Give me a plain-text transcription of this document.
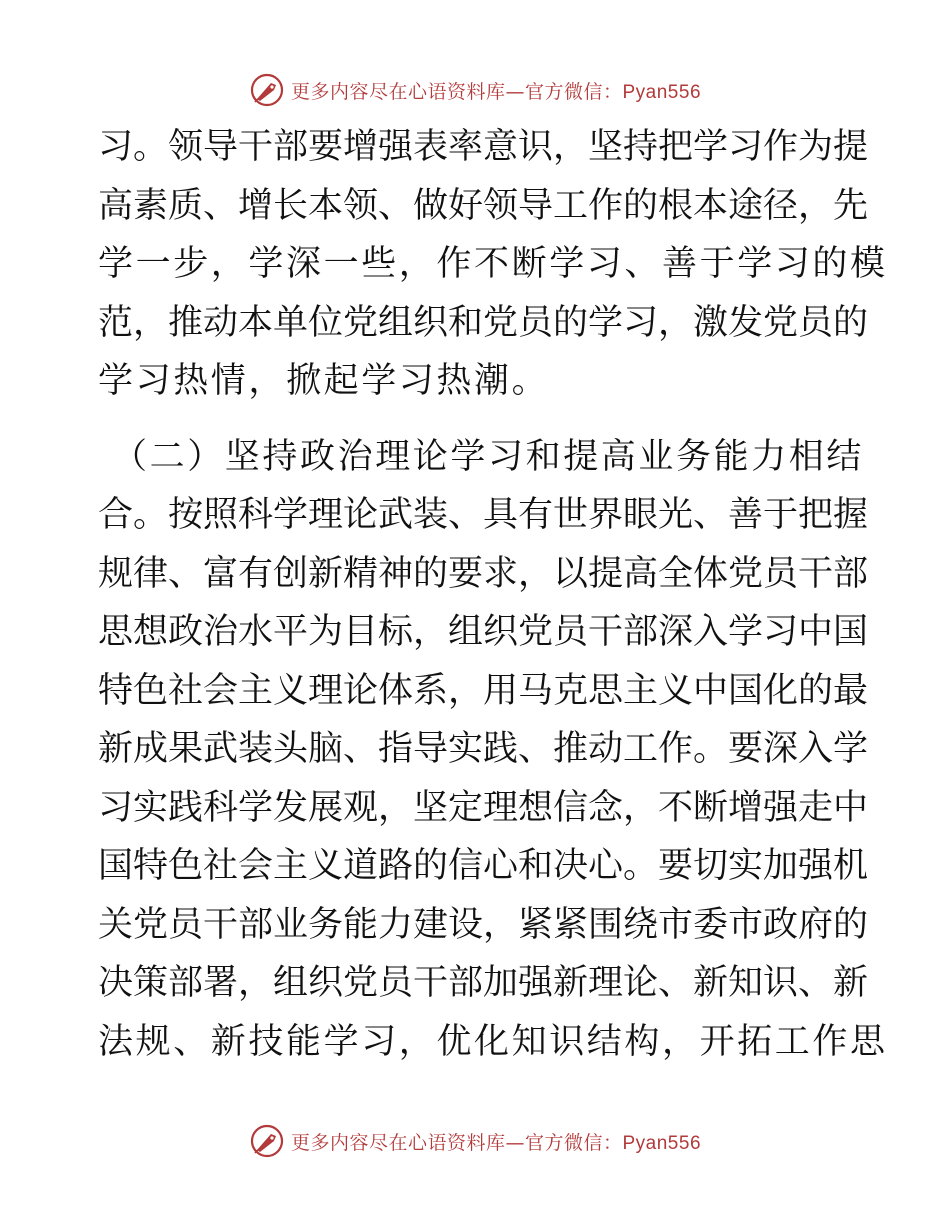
更多内容尽在心语资料库— 官方微信：Pyan556
习。领导干部要增强表率意识，坚持把学习作为提
高素质、增长本领、做好领导工作的根本途径，先
学一步，学深一些，作不断学习、善于学习的模
范，推动本单位党组织和党员的学习，激发党员的
学习热情，掀起学习热潮。
（二）坚持政治理论学习和提高业务能力相结
合。按照科学理论武装、具有世界眼光、善于把握
规律、富有创新精神的要求，以提高全体党员干部
思想政治水平为目标，组织党员干部深入学习中国
特色社会主义理论体系，用马克思主义中国化的最
新成果武装头脑、指导实践、推动工作。要深入学
习实践科学发展观，坚定理想信念，不断增强走中
国特色社会主义道路的信心和决心。要切实加强机
关党员干部业务能力建设，紧紧围绕市委市政府的
决策部署，组织党员干部加强新理论、新知识、新
法规、新技能学习，优化知识结构，开拓工作思
更多内容尽在心语资料库— 官方微信：Pyan556
